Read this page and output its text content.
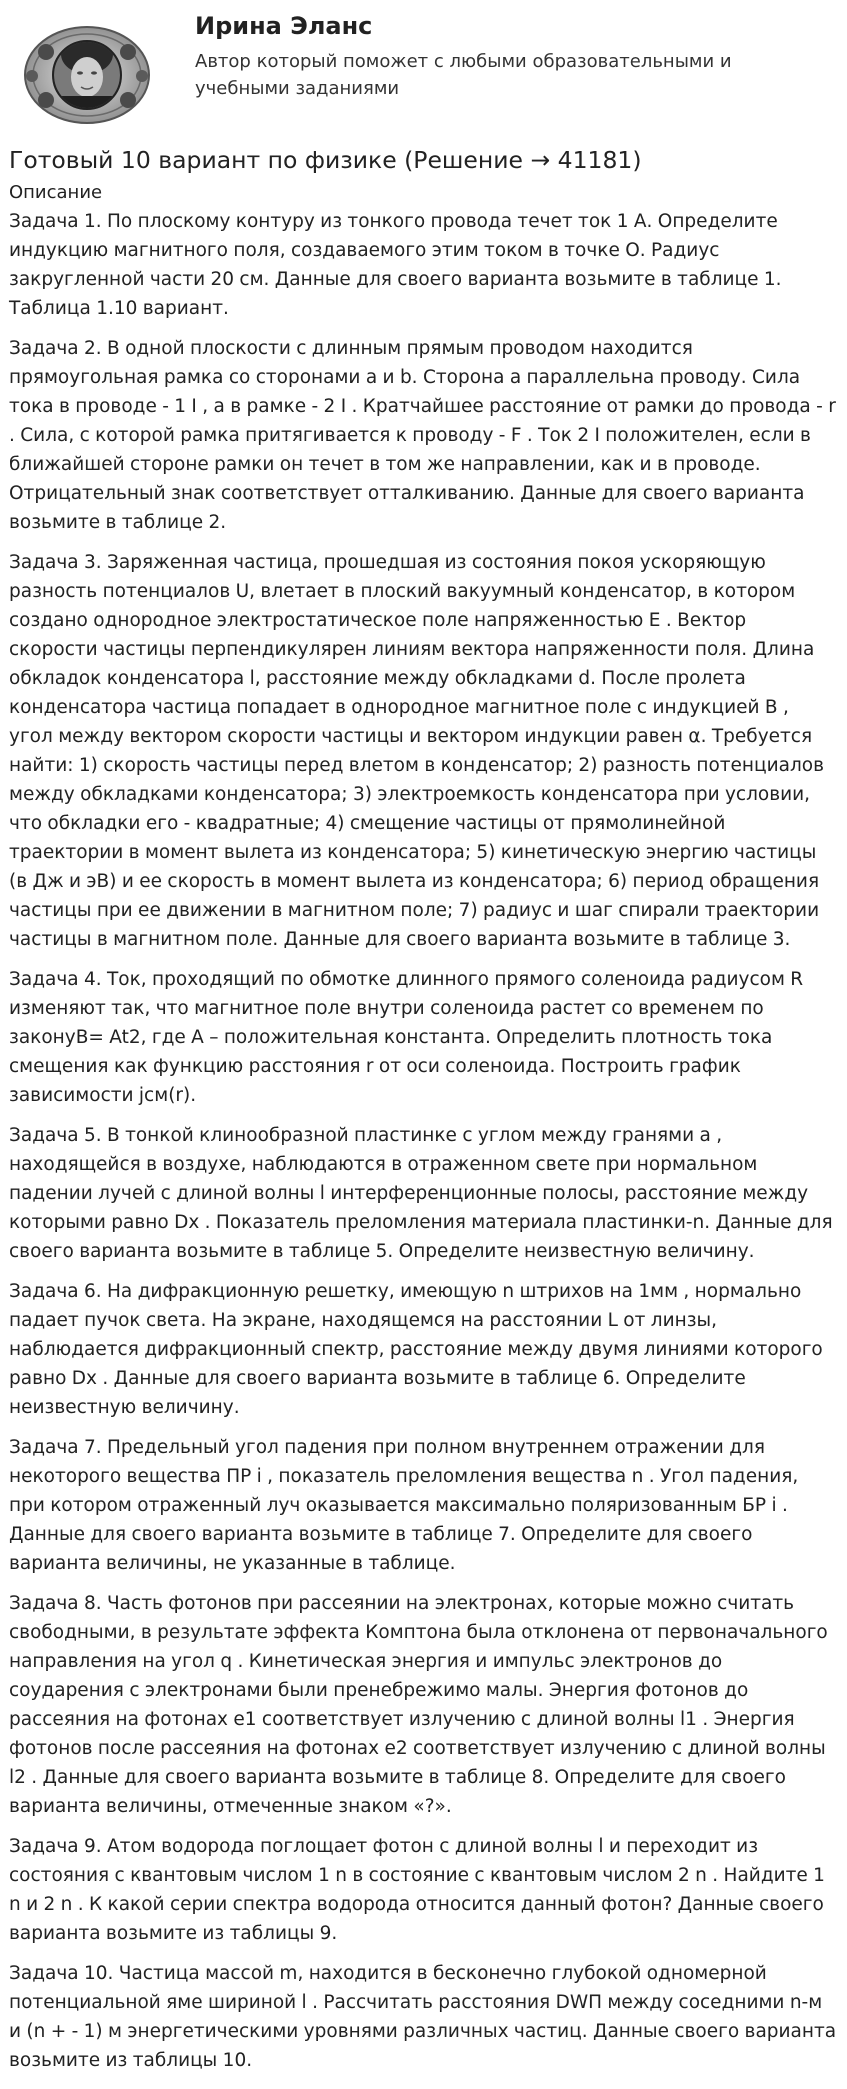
Ирина Эланс
Автор который поможет с любыми образовательными и учебными заданиями
Готовый 10 вариант по физике (Решение → 41181)
Описание

Задача 1. По плоскому контуру из тонкого провода течет ток 1 А. Определите индукцию магнитного поля, создаваемого этим током в точке О. Радиус закругленной части 20 см. Данные для своего варианта возьмите в таблице 1. Таблица 1.10 вариант.

Задача 2. В одной плоскости с длинным прямым проводом находится прямоугольная рамка со сторонами a и b. Сторона a параллельна проводу. Сила тока в проводе - 1 I , а в рамке - 2 I . Кратчайшее расстояние от рамки до провода - r . Сила, с которой рамка притягивается к проводу - F . Ток 2 I положителен, если в ближайшей стороне рамки он течет в том же направлении, как и в проводе. Отрицательный знак соответствует отталкиванию. Данные для своего варианта возьмите в таблице 2.

Задача 3. Заряженная частица, прошедшая из состояния покоя ускоряющую разность потенциалов U, влетает в плоский вакуумный конденсатор, в котором создано однородное электростатическое поле напряженностью E . Вектор скорости частицы перпендикулярен линиям вектора напряженности поля. Длина обкладок конденсатора l, расстояние между обкладками d. После пролета конденсатора частица попадает в однородное магнитное поле с индукцией B , угол между вектором скорости частицы и вектором индукции равен α. Требуется найти: 1) скорость частицы перед влетом в конденсатор; 2) разность потенциалов между обкладками конденсатора; 3) электроемкость конденсатора при условии, что обкладки его - квадратные; 4) смещение частицы от прямолинейной траектории в момент вылета из конденсатора; 5) кинетическую энергию частицы (в Дж и эВ) и ее скорость в момент вылета из конденсатора; 6) период обращения частицы при ее движении в магнитном поле; 7) радиус и шаг спирали траектории частицы в магнитном поле. Данные для своего варианта возьмите в таблице 3.

Задача 4. Ток, проходящий по обмотке длинного прямого соленоида радиусом R изменяют так, что магнитное поле внутри соленоида растет со временем по законуB= At2, где A – положительная константа. Определить плотность тока смещения как функцию расстояния r от оси соленоида. Построить график зависимости jсм(r).

Задача 5. В тонкой клинообразной пластинке с углом между гранями a , находящейся в воздухе, наблюдаются в отраженном свете при нормальном падении лучей с длиной волны l интерференционные полосы, расстояние между которыми равно Dx . Показатель преломления материала пластинки-n. Данные для своего варианта возьмите в таблице 5. Определите неизвестную величину.

Задача 6. На дифракционную решетку, имеющую n штрихов на 1мм , нормально падает пучок света. На экране, находящемся на расстоянии L от линзы, наблюдается дифракционный спектр, расстояние между двумя линиями которого равно Dx . Данные для своего варианта возьмите в таблице 6. Определите неизвестную величину.

Задача 7. Предельный угол падения при полном внутреннем отражении для некоторого вещества ПР i , показатель преломления вещества n . Угол падения, при котором отраженный луч оказывается максимально поляризованным БР i . Данные для своего варианта возьмите в таблице 7. Определите для своего варианта величины, не указанные в таблице.

Задача 8. Часть фотонов при рассеянии на электронах, которые можно считать свободными, в результате эффекта Комптона была отклонена от первоначального направления на угол q . Кинетическая энергия и импульс электронов до соударения с электронами были пренебрежимо малы. Энергия фотонов до рассеяния на фотонах e1 соответствует излучению с длиной волны l1 . Энергия фотонов после рассеяния на фотонах e2 соответствует излучению с длиной волны l2 . Данные для своего варианта возьмите в таблице 8. Определите для своего варианта величины, отмеченные знаком «?».

Задача 9. Атом водорода поглощает фотон с длиной волны l и переходит из состояния с квантовым числом 1 n в состояние с квантовым числом 2 n . Найдите 1 n и 2 n . К какой серии спектра водорода относится данный фотон? Данные своего варианта возьмите из таблицы 9.

Задача 10. Частица массой m, находится в бесконечно глубокой одномерной потенциальной яме шириной l . Рассчитать расстояния DWП между соседними n-м и (n + - 1) м энергетическими уровнями различных частиц. Данные своего варианта возьмите из таблицы 10.
